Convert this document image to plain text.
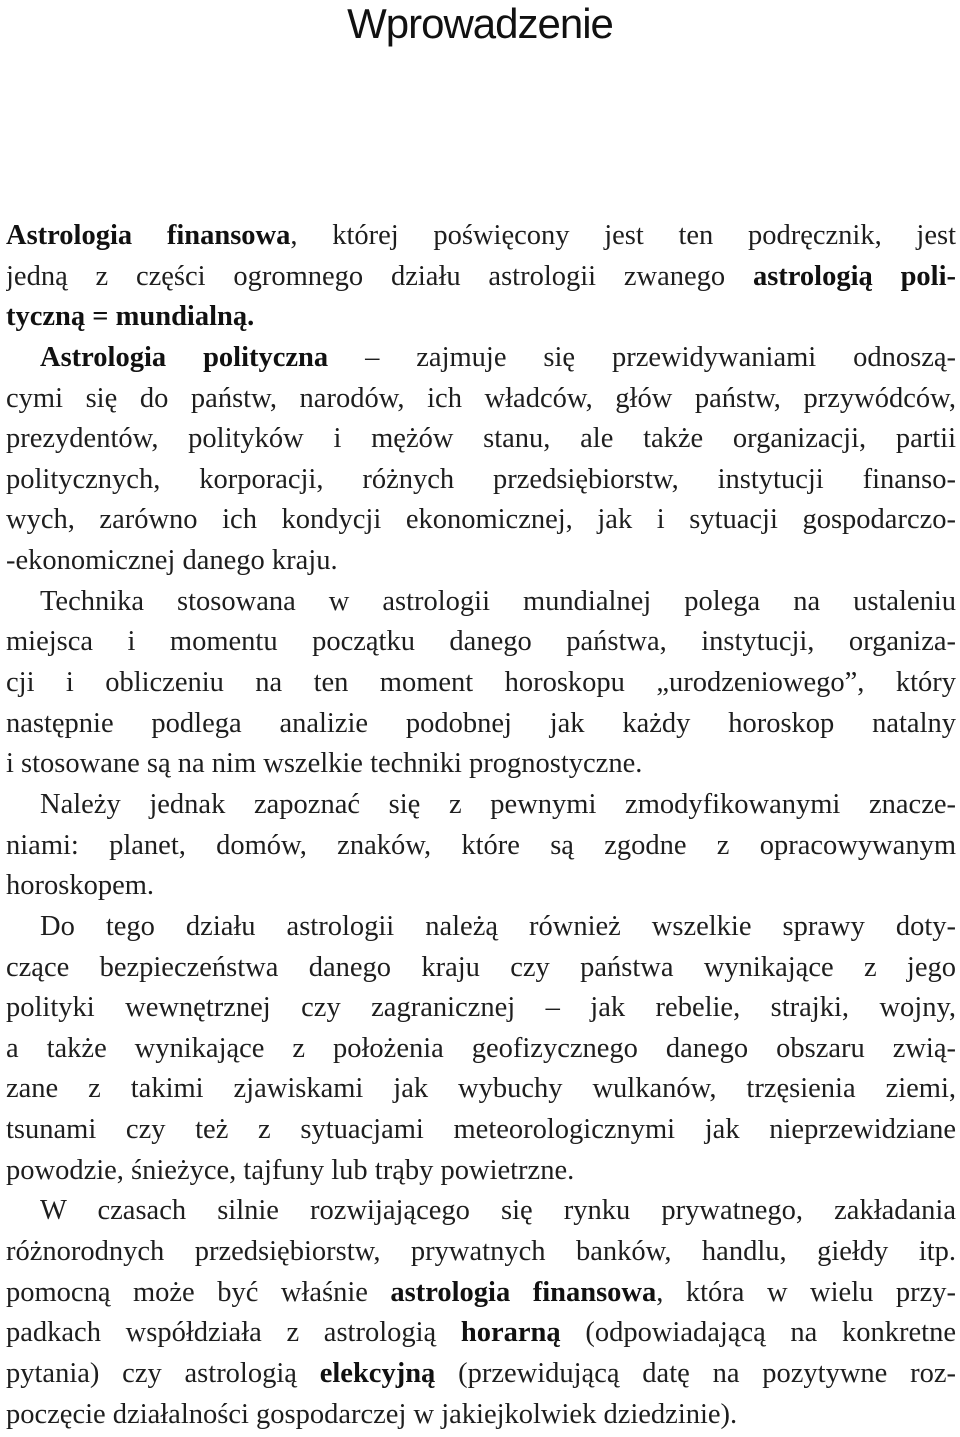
Wprowadzenie
Astrologia finansowa, której poświęcony jest ten podręcznik, jest
jedną z części ogromnego działu astrologii zwanego astrologią poli-
tyczną = mundialną.
Astrologia polityczna – zajmuje się przewidywaniami odnoszą-
cymi się do państw, narodów, ich władców, głów państw, przywódców,
prezydentów, polityków i mężów stanu, ale także organizacji, partii
politycznych, korporacji, różnych przedsiębiorstw, instytucji finanso-
wych, zarówno ich kondycji ekonomicznej, jak i sytuacji gospodarczo-
-ekonomicznej danego kraju.
Technika stosowana w astrologii mundialnej polega na ustaleniu
miejsca i momentu początku danego państwa, instytucji, organiza-
cji i obliczeniu na ten moment horoskopu „urodzeniowego”, który
następnie podlega analizie podobnej jak każdy horoskop natalny
i stosowane są na nim wszelkie techniki prognostyczne.
Należy jednak zapoznać się z pewnymi zmodyfikowanymi znacze-
niami: planet, domów, znaków, które są zgodne z opracowywanym
horoskopem.
Do tego działu astrologii należą również wszelkie sprawy doty-
czące bezpieczeństwa danego kraju czy państwa wynikające z jego
polityki wewnętrznej czy zagranicznej – jak rebelie, strajki, wojny,
a także wynikające z położenia geofizycznego danego obszaru zwią-
zane z takimi zjawiskami jak wybuchy wulkanów, trzęsienia ziemi,
tsunami czy też z sytuacjami meteorologicznymi jak nieprzewidziane
powodzie, śnieżyce, tajfuny lub trąby powietrzne.
W czasach silnie rozwijającego się rynku prywatnego, zakładania
różnorodnych przedsiębiorstw, prywatnych banków, handlu, giełdy itp.
pomocną może być właśnie astrologia finansowa, która w wielu przy-
padkach współdziała z astrologią horarną (odpowiadającą na konkretne
pytania) czy astrologią elekcyjną (przewidującą datę na pozytywne roz-
poczęcie działalności gospodarczej w jakiejkolwiek dziedzinie).
